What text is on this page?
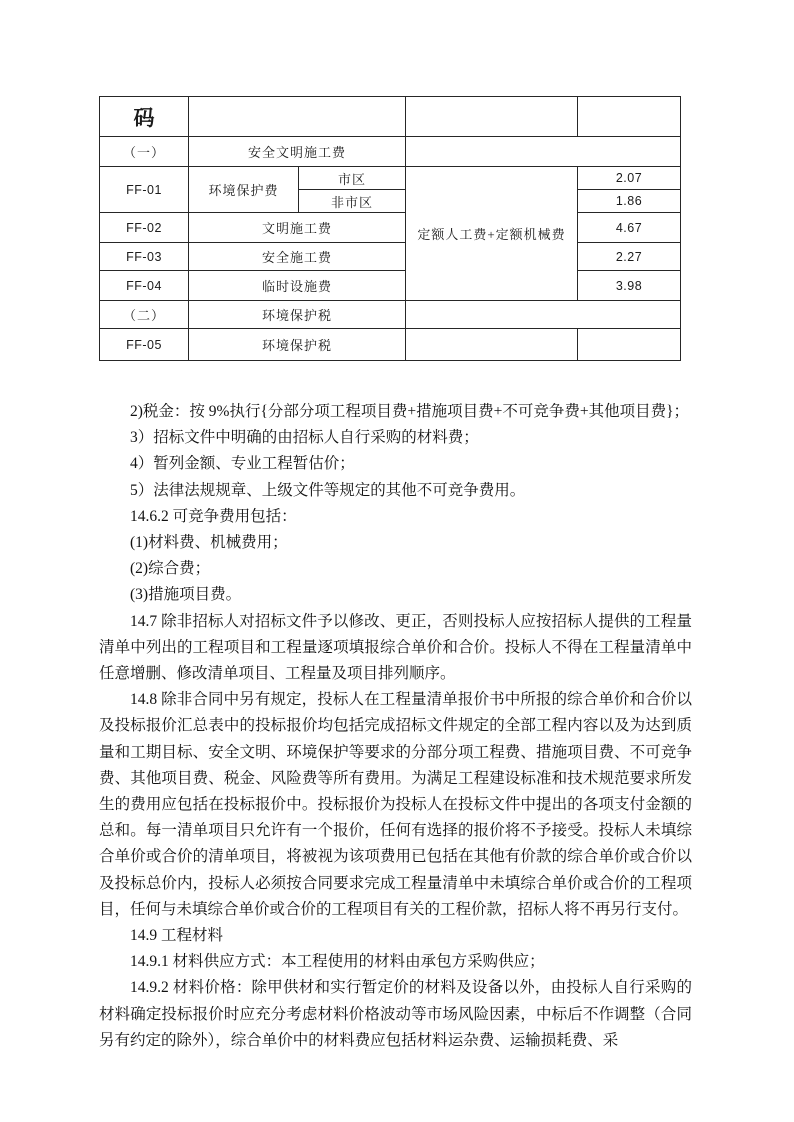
码				
（一）	安全文明施工费			
FF-01	环境保护费	市区	定额人工费+定额机械费	2.07
		非市区		1.86
FF-02	文明施工费			4.67
FF-03	安全施工费			2.27
FF-04	临时设施费			3.98
（二）	环境保护税			
FF-05	环境保护税			

2)税金：按 9%执行{分部分项工程项目费+措施项目费+不可竞争费+其他项目费}；

3）招标文件中明确的由招标人自行采购的材料费；

4）暂列金额、专业工程暂估价；

5）法律法规规章、上级文件等规定的其他不可竞争费用。

14.6.2 可竞争费用包括：

(1)材料费、机械费用；

(2)综合费；

(3)措施项目费。

14.7 除非招标人对招标文件予以修改、更正，否则投标人应按招标人提供的工程量清单中列出的工程项目和工程量逐项填报综合单价和合价。投标人不得在工程量清单中任意增删、修改清单项目、工程量及项目排列顺序。

14.8 除非合同中另有规定，投标人在工程量清单报价书中所报的综合单价和合价以及投标报价汇总表中的投标报价均包括完成招标文件规定的全部工程内容以及为达到质量和工期目标、安全文明、环境保护等要求的分部分项工程费、措施项目费、不可竞争费、其他项目费、税金、风险费等所有费用。为满足工程建设标准和技术规范要求所发生的费用应包括在投标报价中。投标报价为投标人在投标文件中提出的各项支付金额的总和。每一清单项目只允许有一个报价，任何有选择的报价将不予接受。投标人未填综合单价或合价的清单项目，将被视为该项费用已包括在其他有价款的综合单价或合价以及投标总价内，投标人必须按合同要求完成工程量清单中未填综合单价或合价的工程项目，任何与未填综合单价或合价的工程项目有关的工程价款，招标人将不再另行支付。

14.9 工程材料

14.9.1 材料供应方式：本工程使用的材料由承包方采购供应；

14.9.2 材料价格：除甲供材和实行暂定价的材料及设备以外，由投标人自行采购的材料确定投标报价时应充分考虑材料价格波动等市场风险因素，中标后不作调整（合同另有约定的除外），综合单价中的材料费应包括材料运杂费、运输损耗费、采
